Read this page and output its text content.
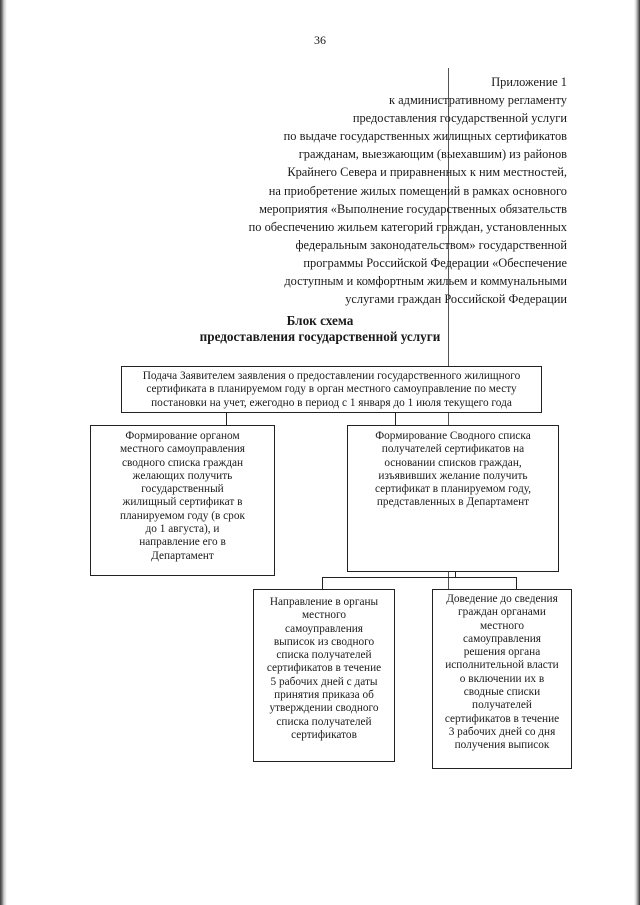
36
Приложение 1
к административному регламенту
предоставления государственной услуги
по выдаче государственных жилищных сертификатов
гражданам, выезжающим (выехавшим) из районов
Крайнего Севера и приравненных к ним местностей,
на приобретение жилых помещений в рамках основного
мероприятия «Выполнение государственных обязательств
по обеспечению жильем категорий граждан, установленных
федеральным законодательством» государственной
программы Российской Федерации «Обеспечение
доступным и комфортным жильем и коммунальными
услугами граждан Российской Федерации
Блок схема
предоставления государственной услуги
Подача Заявителем заявления о предоставлении государственного жилищного
сертификата в планируемом году в орган местного самоуправление по месту
постановки на учет, ежегодно в период с 1 января до 1 июля текущего года
Формирование органом
местного самоуправления
сводного списка граждан
желающих получить
государственный
жилищный сертификат в
планируемом году (в срок
до 1 августа), и
направление его в
Департамент
Формирование Сводного списка
получателей сертификатов на
основании списков граждан,
изъявивших желание получить
сертификат в планируемом году,
представленных в Департамент
Направление в органы
местного
самоуправления
выписок из сводного
списка получателей
сертификатов в течение
5 рабочих дней с даты
принятия приказа об
утверждении сводного
списка получателей
сертификатов
Доведение до сведения
граждан органами
местного
самоуправления
решения органа
исполнительной власти
о включении их в
сводные списки
получателей
сертификатов в течение
3 рабочих дней со дня
получения выписок
